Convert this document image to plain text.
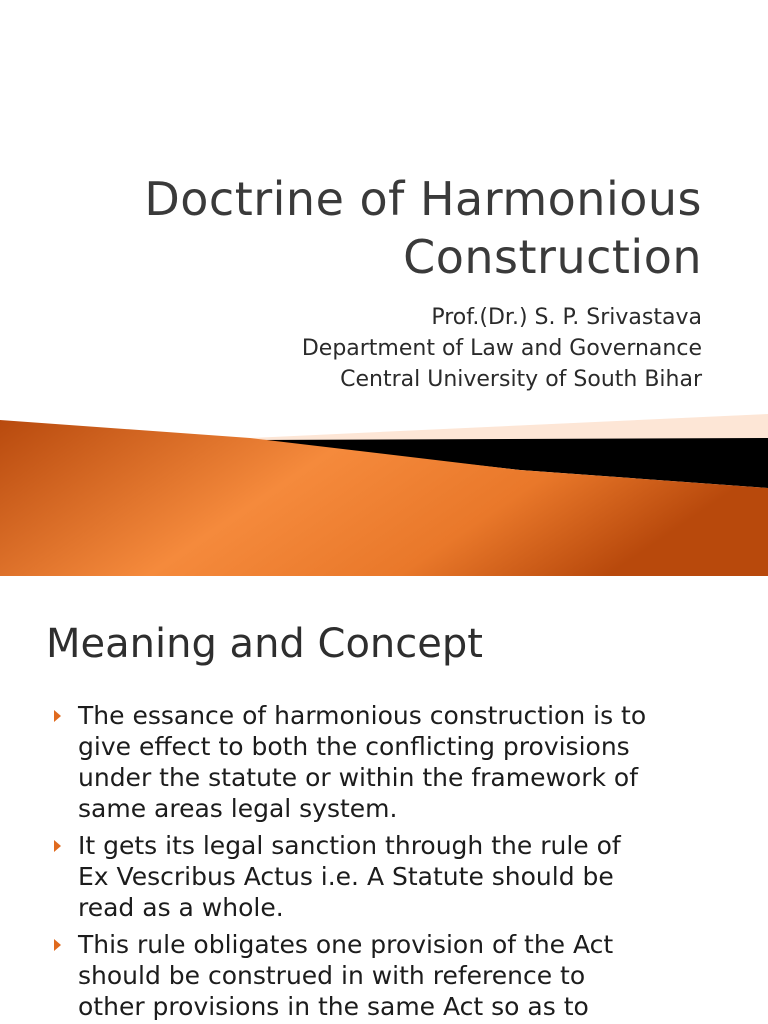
Doctrine of Harmonious
Construction
Prof.(Dr.) S. P. Srivastava
Department of Law and Governance
Central University of South Bihar
Meaning and Concept
The essance of harmonious construction is to
give effect to both the conflicting provisions
under the statute or within the framework of
same areas legal system.
It gets its legal sanction through the rule of
Ex Vescribus Actus i.e. A Statute should be
read as a whole.
This rule obligates one provision of the Act
should be construed in with reference to
other provisions in the same Act so as to
